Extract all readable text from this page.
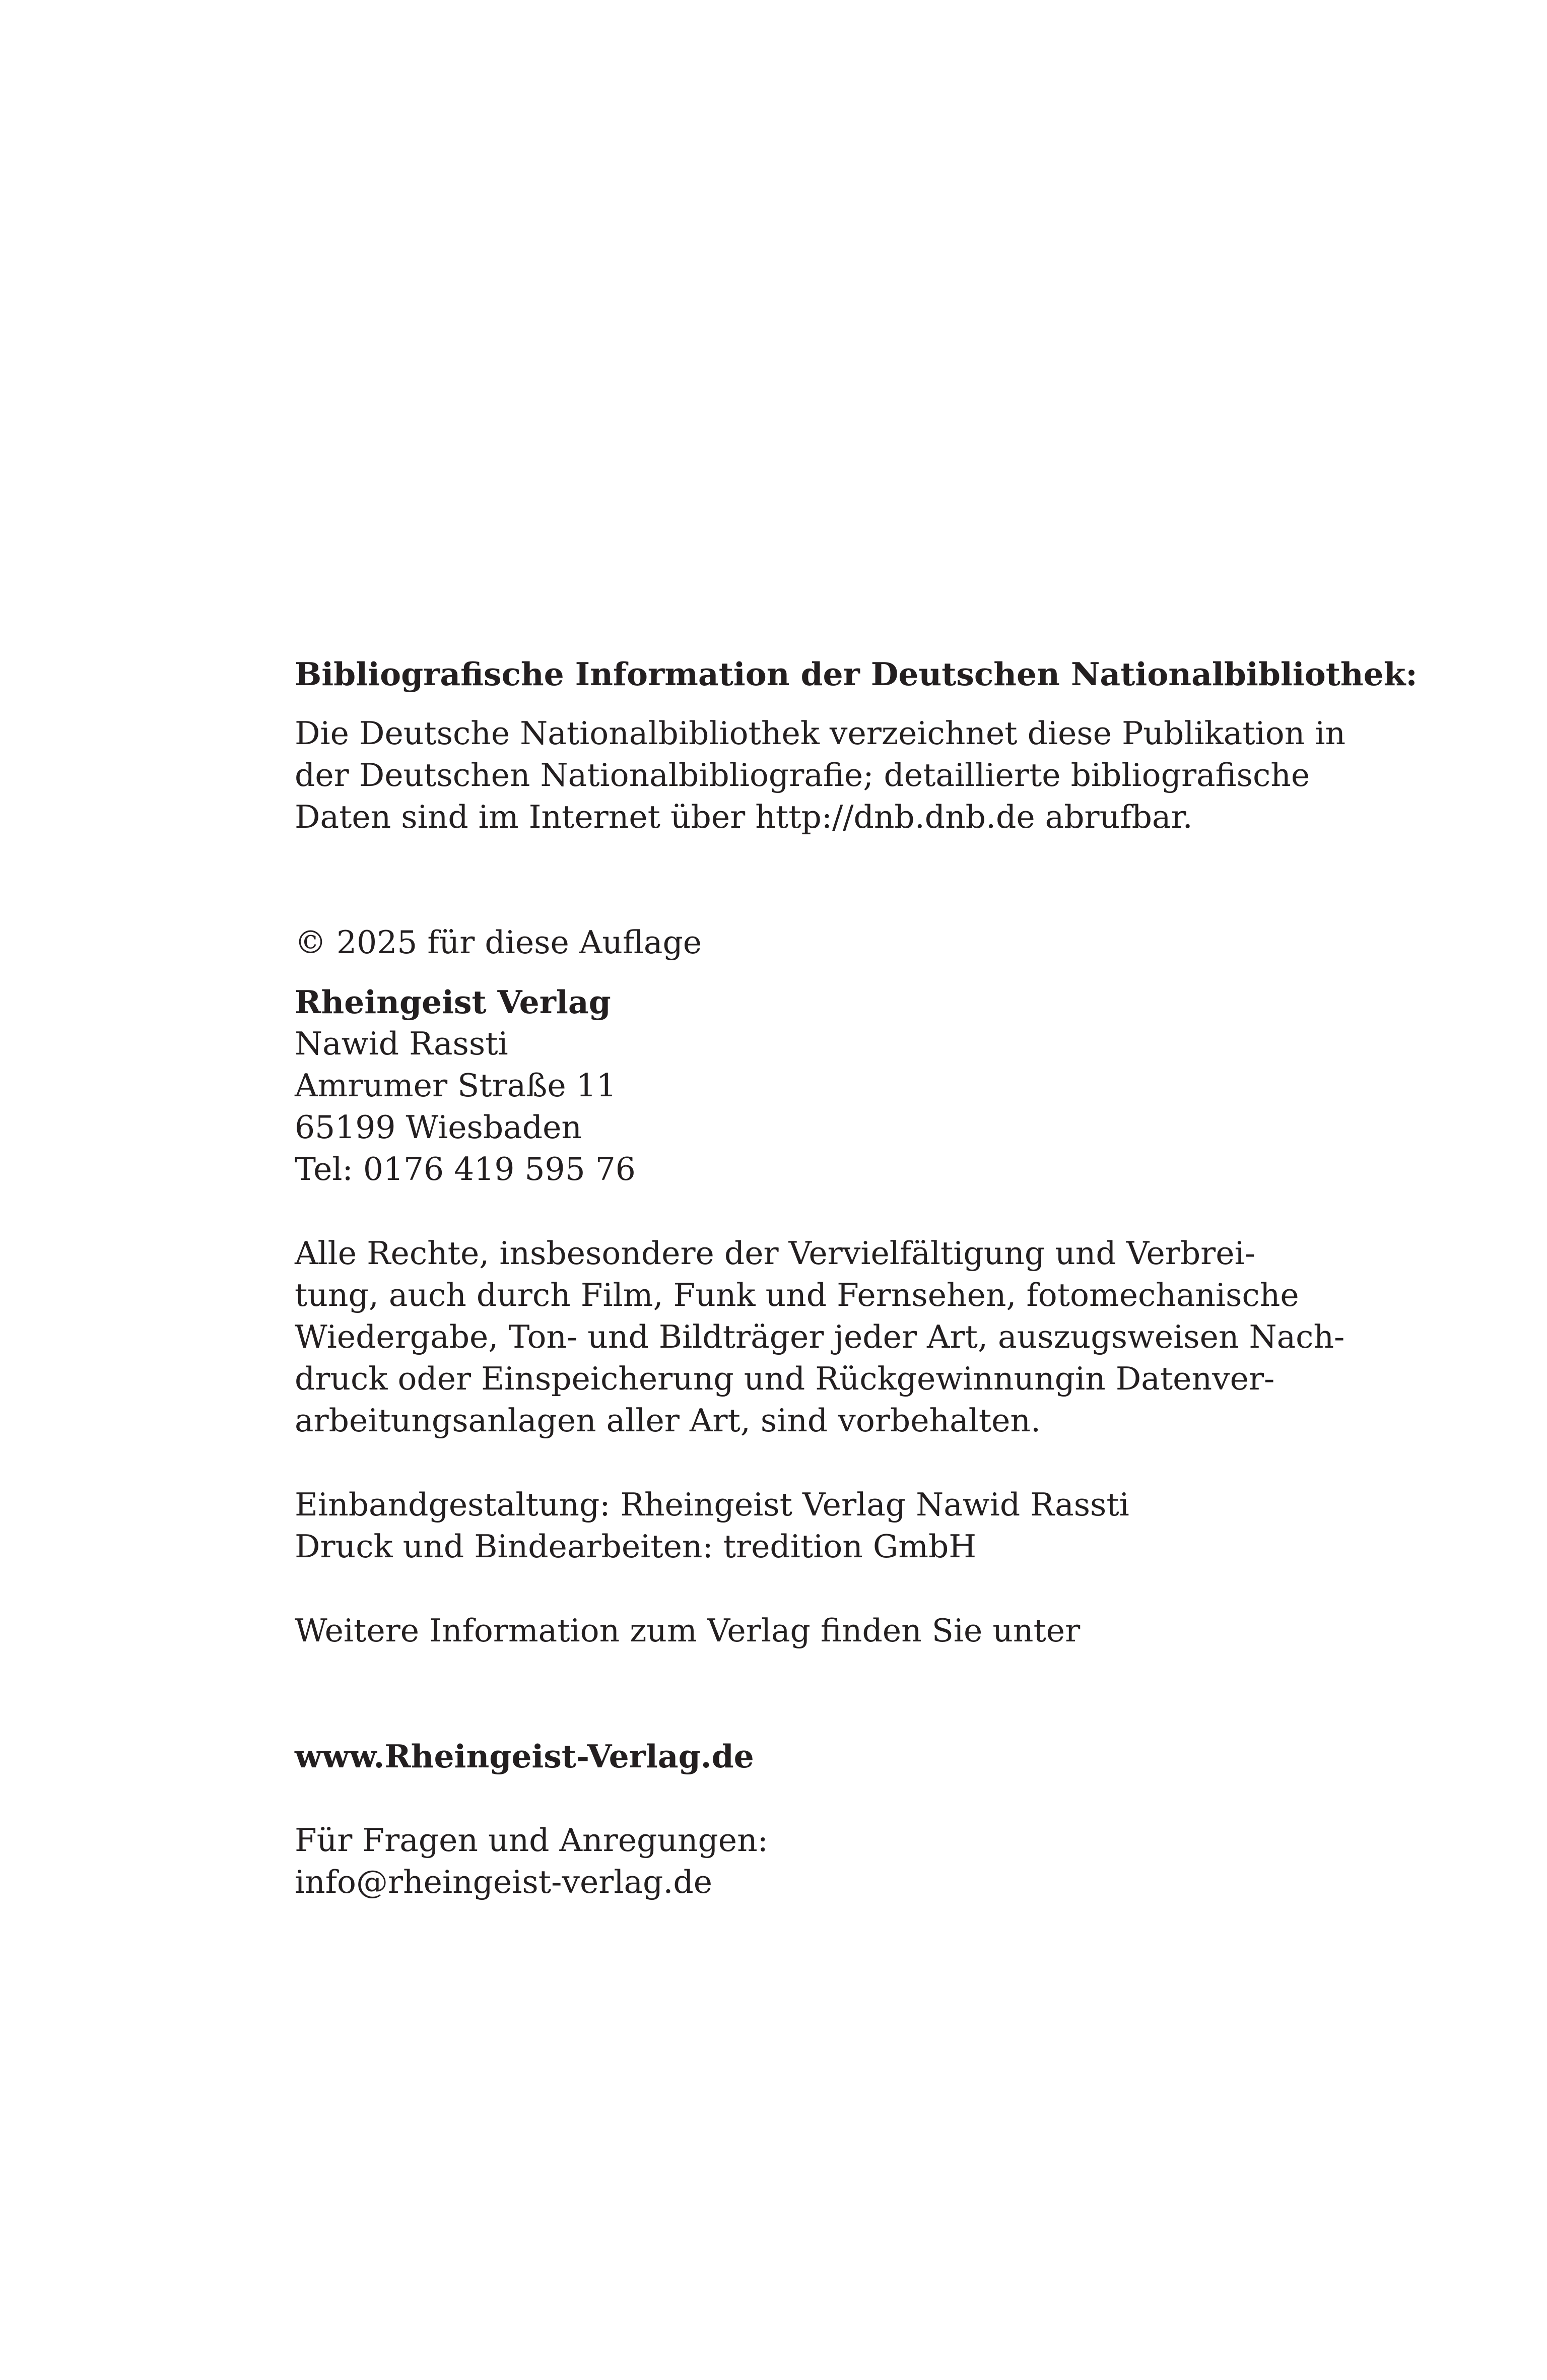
Bibliografische Information der Deutschen Nationalbibliothek:
Die Deutsche Nationalbibliothek verzeichnet diese Publikation in
der Deutschen Nationalbibliografie; detaillierte bibliografische
Daten sind im Internet über http://dnb.dnb.de abrufbar.
© 2025 für diese Auflage
Rheingeist Verlag
Nawid Rassti
Amrumer Straße 11
65199 Wiesbaden
Tel: 0176 419 595 76
Alle Rechte, insbesondere der Vervielfältigung und Verbrei-
tung, auch durch Film, Funk und Fernsehen, fotomechanische
Wiedergabe, Ton- und Bildträger jeder Art, auszugsweisen Nach-
druck oder Einspeicherung und Rückgewinnungin Datenver-
arbeitungsanlagen aller Art, sind vorbehalten.
Einbandgestaltung: Rheingeist Verlag Nawid Rassti
Druck und Bindearbeiten: tredition GmbH
Weitere Information zum Verlag finden Sie unter
www.Rheingeist-Verlag.de
Für Fragen und Anregungen:
info@rheingeist-verlag.de
